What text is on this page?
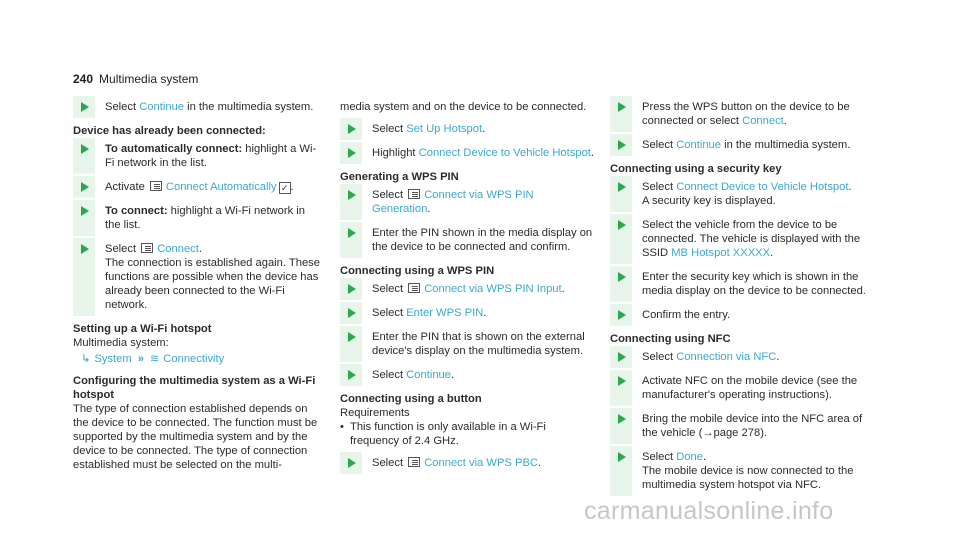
240 Multimedia system
Select Continue in the multimedia system.
Device has already been connected:
To automatically connect: highlight a Wi-Fi network in the list.
Activate Connect Automatically ✓ .
To connect: highlight a Wi-Fi network in the list.
Select Connect.
The connection is established again. These functions are possible when the device has already been connected to the Wi-Fi network.
Setting up a Wi-Fi hotspot
Multimedia system:
↳ System » ≋ Connectivity
Configuring the multimedia system as a Wi-Fi hotspot
The type of connection established depends on the device to be connected. The function must be supported by the multimedia system and by the device to be connected. The type of connection established must be selected on the multi-
media system and on the device to be connected.
Select Set Up Hotspot.
Highlight Connect Device to Vehicle Hotspot.
Generating a WPS PIN
Select Connect via WPS PIN Generation.
Enter the PIN shown in the media display on the device to be connected and confirm.
Connecting using a WPS PIN
Select Connect via WPS PIN Input.
Select Enter WPS PIN.
Enter the PIN that is shown on the external device's display on the multimedia system.
Select Continue.
Connecting using a button
Requirements
• This function is only available in a Wi-Fi frequency of 2.4 GHz.
Select Connect via WPS PBC.
Press the WPS button on the device to be connected or select Connect.
Select Continue in the multimedia system.
Connecting using a security key
Select Connect Device to Vehicle Hotspot.
A security key is displayed.
Select the vehicle from the device to be connected. The vehicle is displayed with the SSID MB Hotspot XXXXX.
Enter the security key which is shown in the media display on the device to be connected.
Confirm the entry.
Connecting using NFC
Select Connection via NFC.
Activate NFC on the mobile device (see the manufacturer's operating instructions).
Bring the mobile device into the NFC area of the vehicle (→page 278).
Select Done.
The mobile device is now connected to the multimedia system hotspot via NFC.
carmanualsonline.info
